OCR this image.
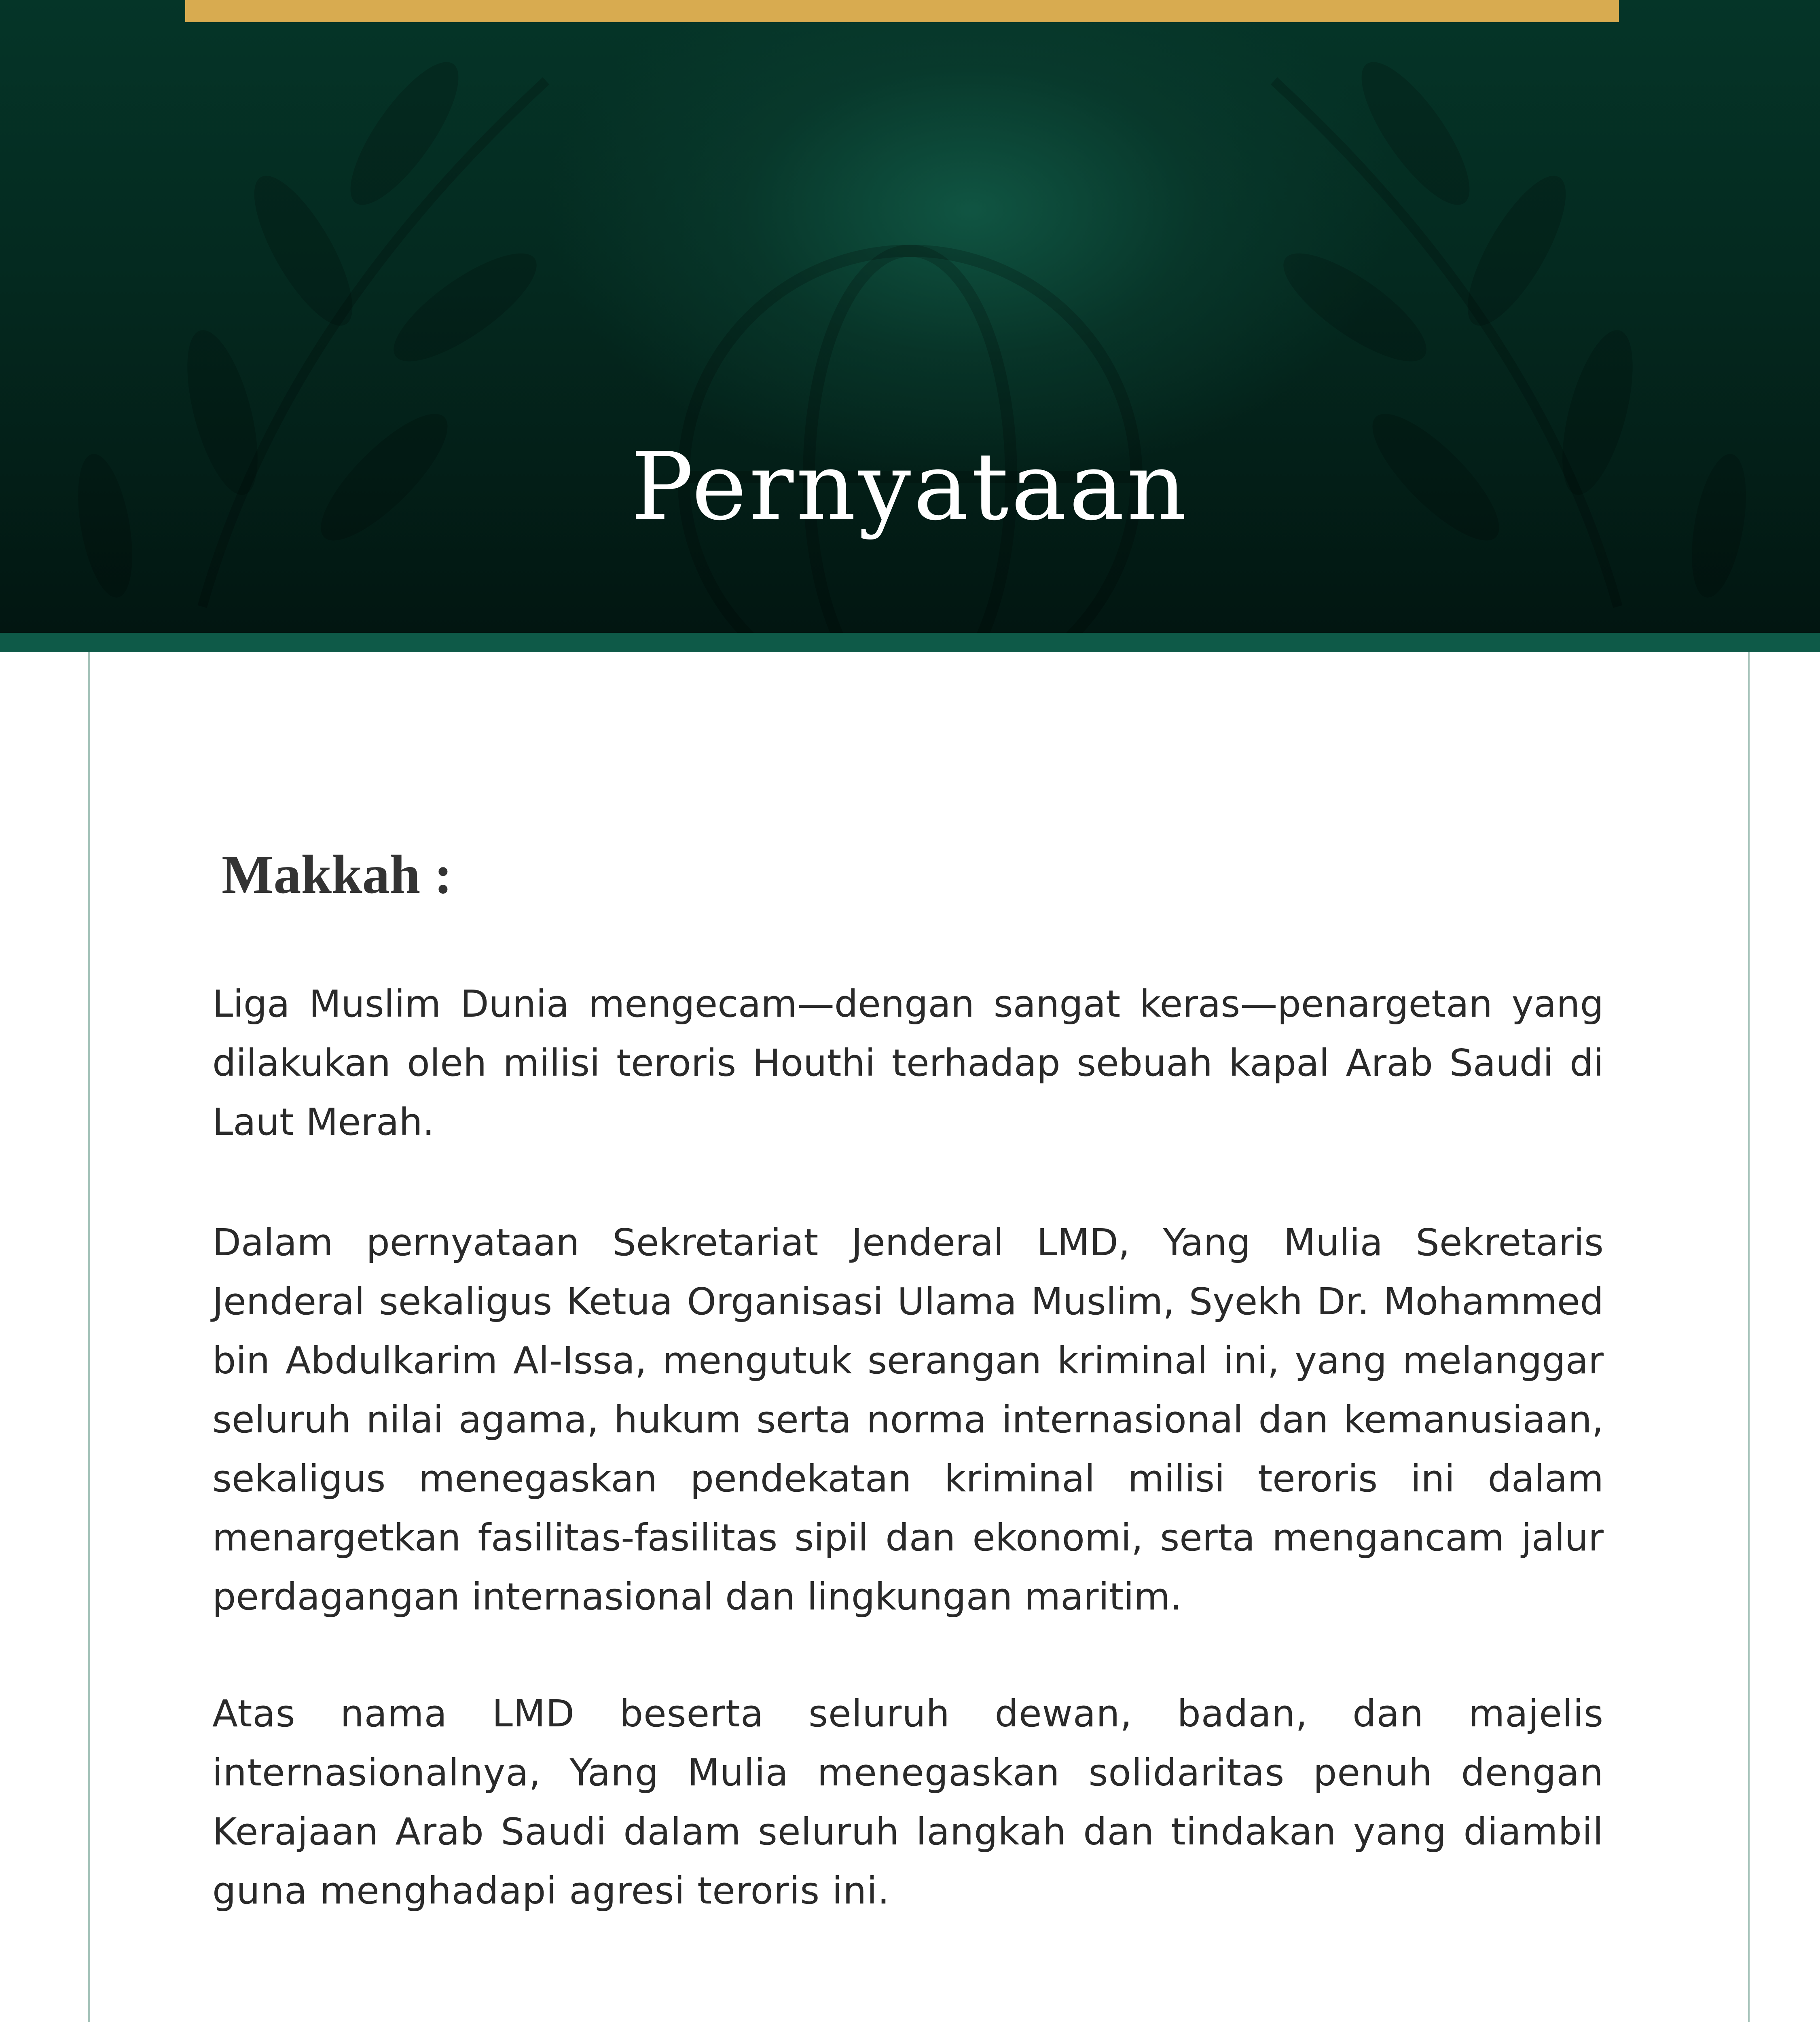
Pernyataan
Makkah :

Liga Muslim Dunia mengecam—dengan sangat keras—penargetan yang dilakukan oleh milisi teroris Houthi terhadap sebuah kapal Arab Saudi di Laut Merah.

Dalam pernyataan Sekretariat Jenderal LMD, Yang Mulia Sekretaris Jenderal sekaligus Ketua Organisasi Ulama Muslim, Syekh Dr. Mohammed bin Abdulkarim Al-Issa, mengutuk serangan kriminal ini, yang melanggar seluruh nilai agama, hukum serta norma internasional dan kemanusiaan, sekaligus menegaskan pendekatan kriminal milisi teroris ini dalam menargetkan fasilitas-fasilitas sipil dan ekonomi, serta mengancam jalur perdagangan internasional dan lingkungan maritim.

Atas nama LMD beserta seluruh dewan, badan, dan majelis internasionalnya, Yang Mulia menegaskan solidaritas penuh dengan Kerajaan Arab Saudi dalam seluruh langkah dan tindakan yang diambil guna menghadapi agresi teroris ini.
